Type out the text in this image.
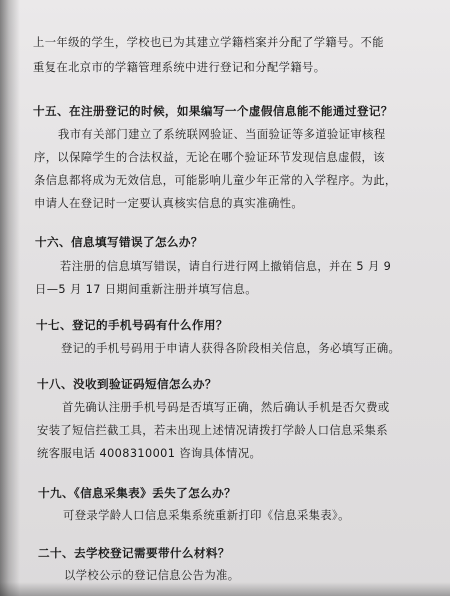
上一年级的学生，学校也已为其建立学籍档案并分配了学籍号。不能
重复在北京市的学籍管理系统中进行登记和分配学籍号。
十五、在注册登记的时候，如果编写一个虚假信息能不能通过登记？
我市有关部门建立了系统联网验证、当面验证等多道验证审核程
序，以保障学生的合法权益，无论在哪个验证环节发现信息虚假，该
条信息都将成为无效信息，可能影响儿童少年正常的入学程序。为此，
申请人在登记时一定要认真核实信息的真实准确性。
十六、信息填写错误了怎么办？
若注册的信息填写错误，请自行进行网上撤销信息，并在 5 月 9
日—5 月 17 日期间重新注册并填写信息。
十七、登记的手机号码有什么作用？
登记的手机号码用于申请人获得各阶段相关信息，务必填写正确。
十八、没收到验证码短信怎么办？
首先确认注册手机号码是否填写正确，然后确认手机是否欠费或
安装了短信拦截工具，若未出现上述情况请拨打学龄人口信息采集系
统客服电话 4008310001 咨询具体情况。
十九、《信息采集表》丢失了怎么办？
可登录学龄人口信息采集系统重新打印《信息采集表》。
二十、去学校登记需要带什么材料？
以学校公示的登记信息公告为准。
